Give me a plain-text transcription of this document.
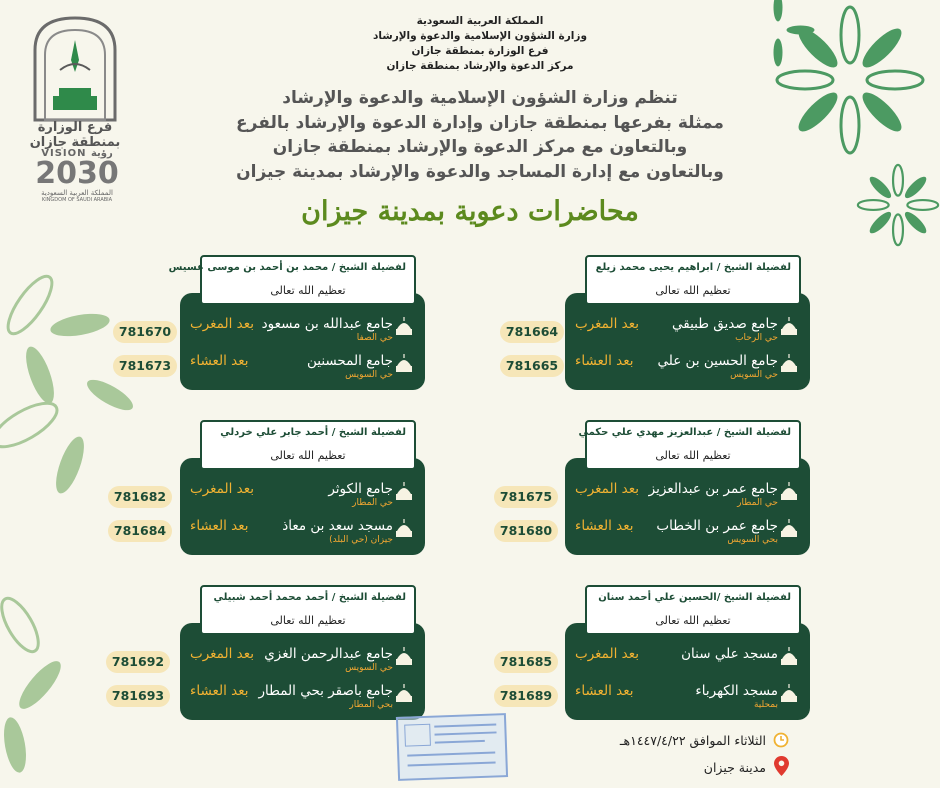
فرع الوزارة بمنطقة جازان
VISION رؤية
2030
المملكة العربية السعودية
KINGDOM OF SAUDI ARABIA
المملكة العربية السعودية
وزارة الشؤون الإسلامية والدعوة والإرشاد
فرع الوزارة بمنطقة جازان
مركز الدعوة والإرشاد بمنطقة جازان
تنظم وزارة الشؤون الإسلامية والدعوة والإرشاد
ممثلة بفرعها بمنطقة جازان وإدارة الدعوة والإرشاد بالفرع
وبالتعاون مع مركز الدعوة والإرشاد بمنطقة جازان
وبالتعاون مع إدارة المساجد والدعوة والإرشاد بمدينة جيزان
محاضرات دعوية بمدينة جيزان
لفضيلة الشيخ / ابراهيم يحيى محمد زيلع
تعظيم الله تعالى
جامع صديق طبيقي
حي الرحاب
بعد المغرب
جامع الحسين بن علي
حي السويس
بعد العشاء
781664
781665
لفضيلة الشيخ / محمد بن أحمد بن موسى عسيس
تعظيم الله تعالى
جامع عبدالله بن مسعود
حي الصفا
بعد المغرب
جامع المحسنين
حي السويس
بعد العشاء
781670
781673
لفضيلة الشيخ / عبدالعزيز مهدي علي حكمي
تعظيم الله تعالى
جامع عمر بن عبدالعزيز
حي المطار
بعد المغرب
جامع عمر بن الخطاب
بحي السويس
بعد العشاء
781675
781680
لفضيلة الشيخ / أحمد جابر علي خردلي
تعظيم الله تعالى
جامع الكوثر
حي المطار
بعد المغرب
مسجد سعد بن معاذ
جيزان (حي البلد)
بعد العشاء
781682
781684
لفضيلة الشيخ /الحسين علي أحمد سنان
تعظيم الله تعالى
مسجد علي سنان
بعد المغرب
مسجد الكهرباء
بمحلية
بعد العشاء
781685
781689
لفضيلة الشيخ / أحمد محمد أحمد شبيلي
تعظيم الله تعالى
جامع عبدالرحمن الغزي
حي السويس
بعد المغرب
جامع باصقر بحي المطار
بحي المطار
بعد العشاء
781692
781693
الثلاثاء الموافق ١٤٤٧/٤/٢٢هـ
مدينة جيزان
